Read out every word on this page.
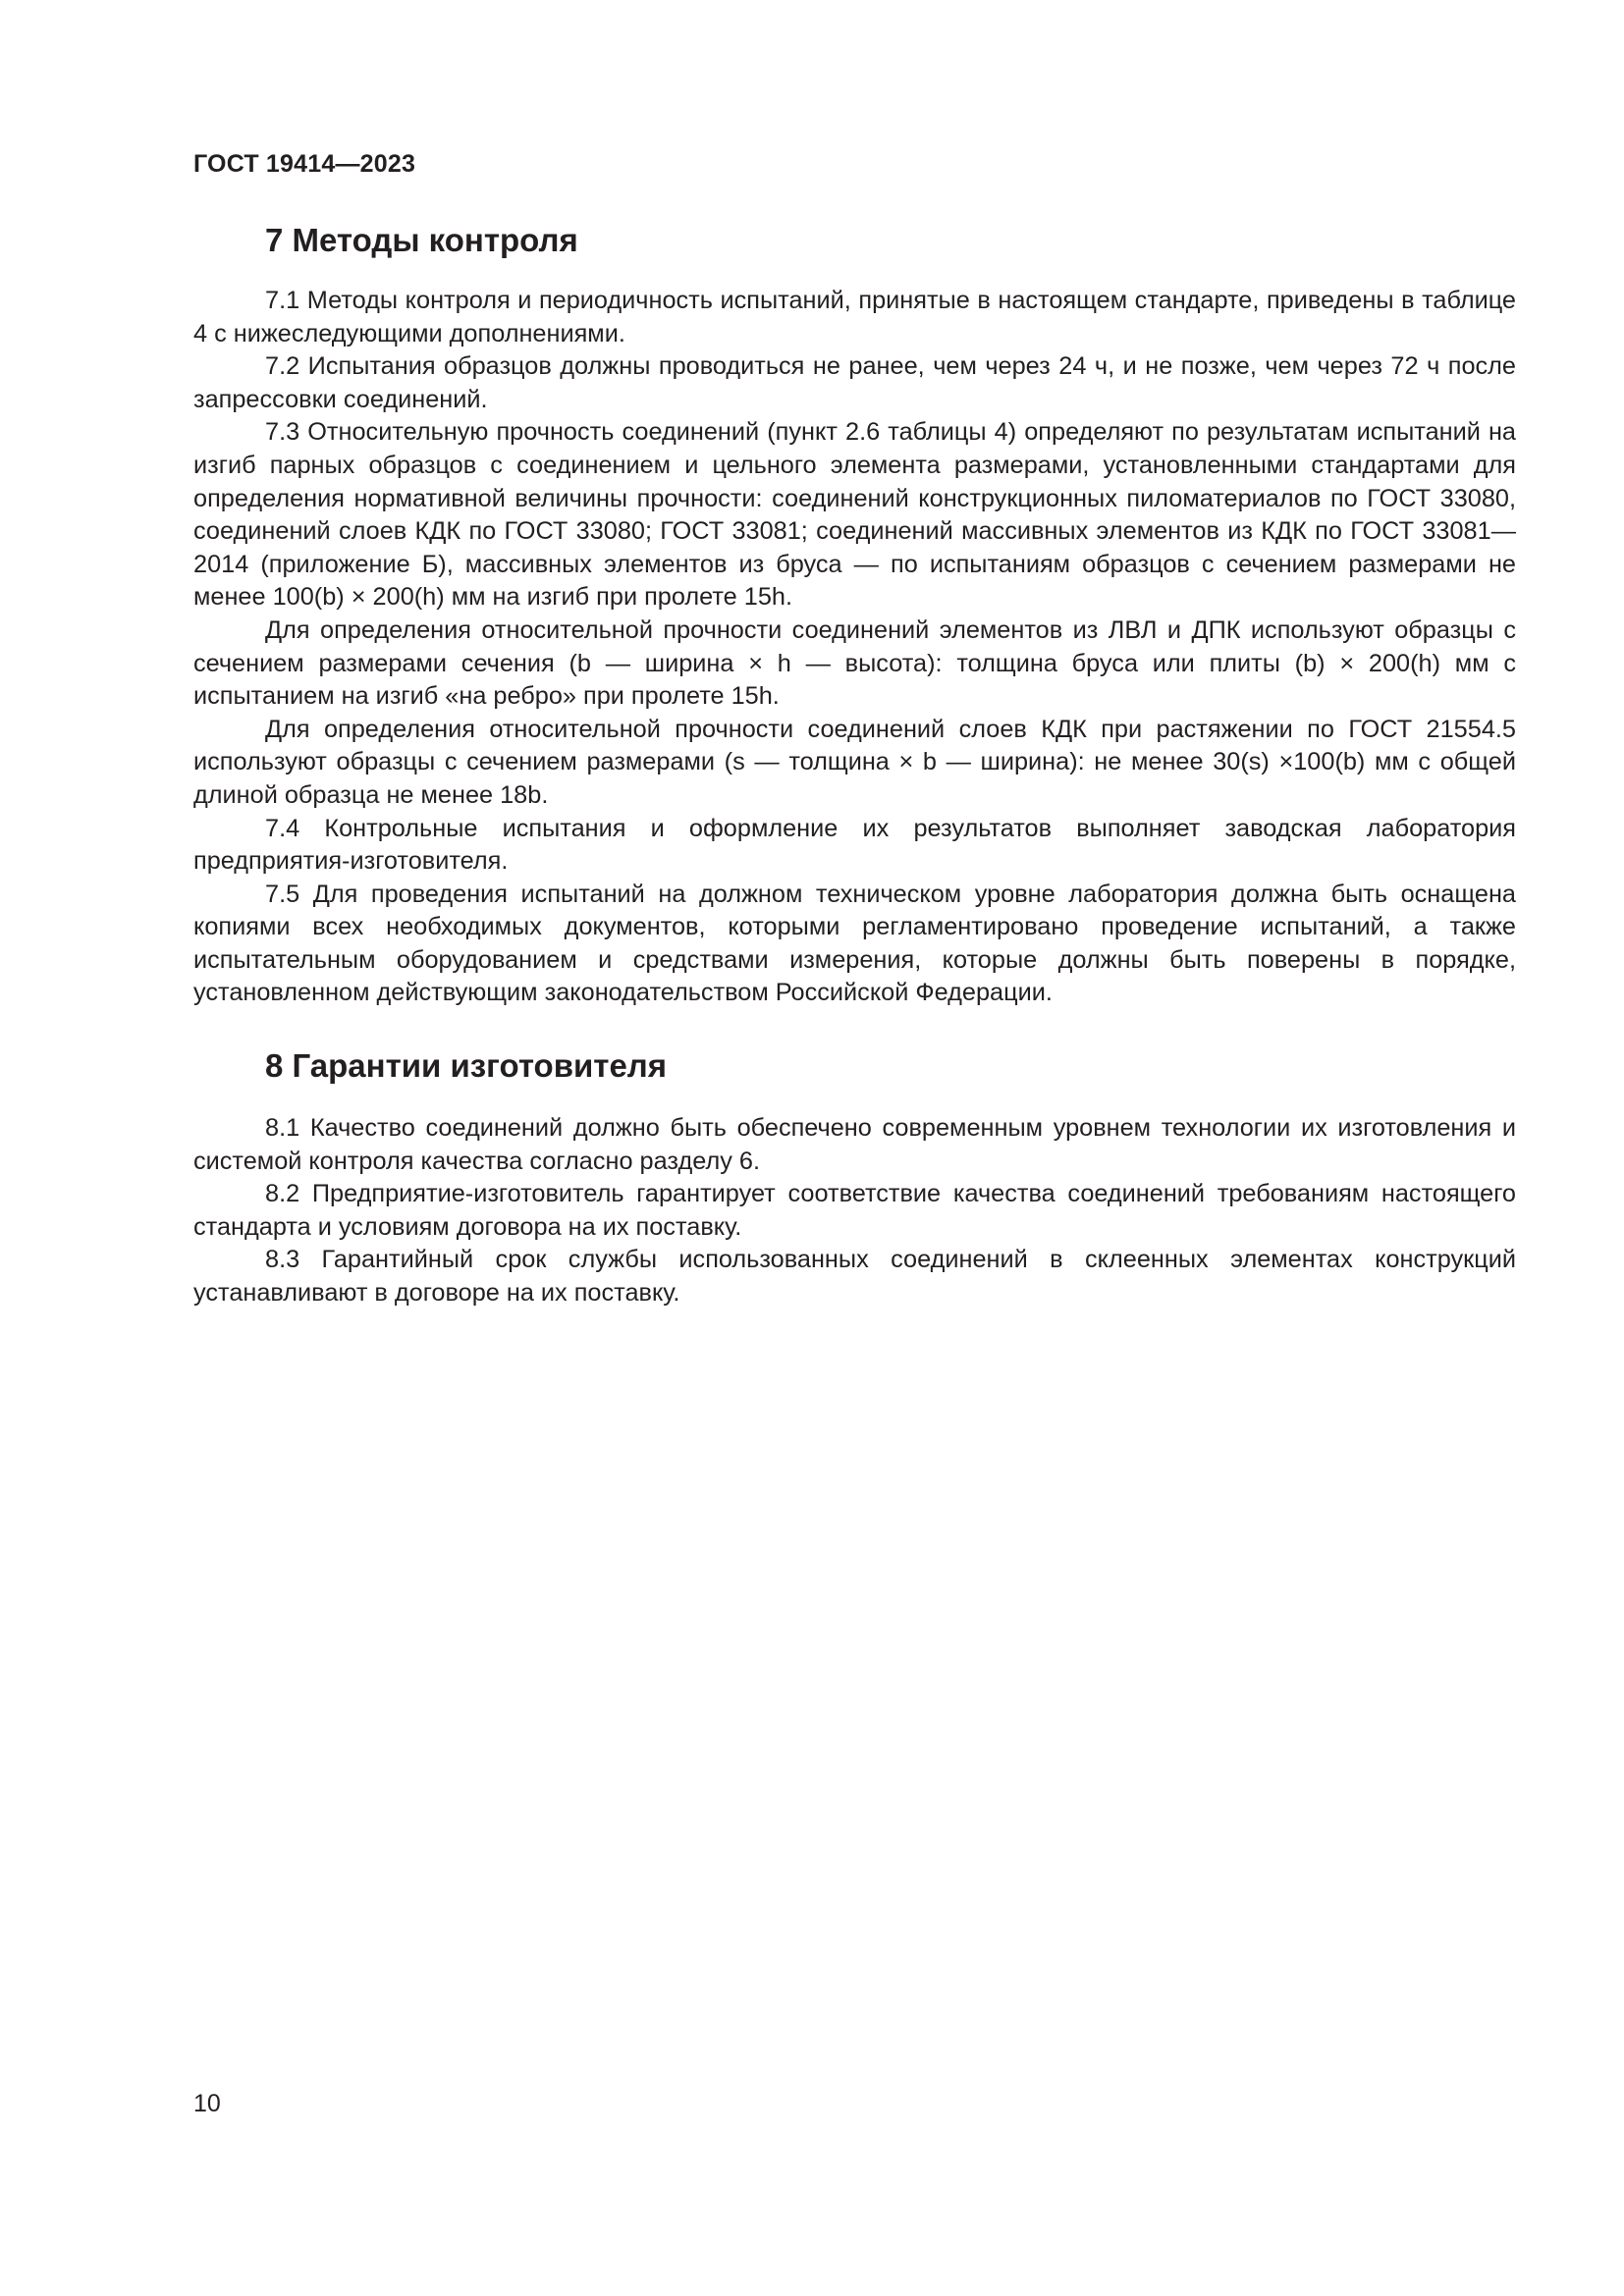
ГОСТ 19414—2023
7 Методы контроля

7.1 Методы контроля и периодичность испытаний, принятые в настоящем стандарте, приведены в таблице 4 с нижеследующими дополнениями.

7.2 Испытания образцов должны проводиться не ранее, чем через 24 ч, и не позже, чем через 72 ч после запрессовки соединений.

7.3 Относительную прочность соединений (пункт 2.6 таблицы 4) определяют по результатам испытаний на изгиб парных образцов с соединением и цельного элемента размерами, установленными стандартами для определения нормативной величины прочности: соединений конструкционных пиломатериалов по ГОСТ 33080, соединений слоев КДК по ГОСТ 33080; ГОСТ 33081; соединений массивных элементов из КДК по ГОСТ 33081—2014 (приложение Б), массивных элементов из бруса — по испытаниям образцов с сечением размерами не менее 100(b) × 200(h) мм на изгиб при пролете 15h.

Для определения относительной прочности соединений элементов из ЛВЛ и ДПК используют образцы с сечением размерами сечения (b — ширина × h — высота): толщина бруса или плиты (b) × 200(h) мм с испытанием на изгиб «на ребро» при пролете 15h.

Для определения относительной прочности соединений слоев КДК при растяжении по ГОСТ 21554.5 используют образцы с сечением размерами (s — толщина × b — ширина): не менее 30(s) ×100(b) мм с общей длиной образца не менее 18b.

7.4 Контрольные испытания и оформление их результатов выполняет заводская лаборатория предприятия-изготовителя.

7.5 Для проведения испытаний на должном техническом уровне лаборатория должна быть оснащена копиями всех необходимых документов, которыми регламентировано проведение испытаний, а также испытательным оборудованием и средствами измерения, которые должны быть поверены в порядке, установленном действующим законодательством Российской Федерации.

8 Гарантии изготовителя

8.1 Качество соединений должно быть обеспечено современным уровнем технологии их изготовления и системой контроля качества согласно разделу 6.

8.2 Предприятие-изготовитель гарантирует соответствие качества соединений требованиям настоящего стандарта и условиям договора на их поставку.

8.3 Гарантийный срок службы использованных соединений в склеенных элементах конструкций устанавливают в договоре на их поставку.

10
